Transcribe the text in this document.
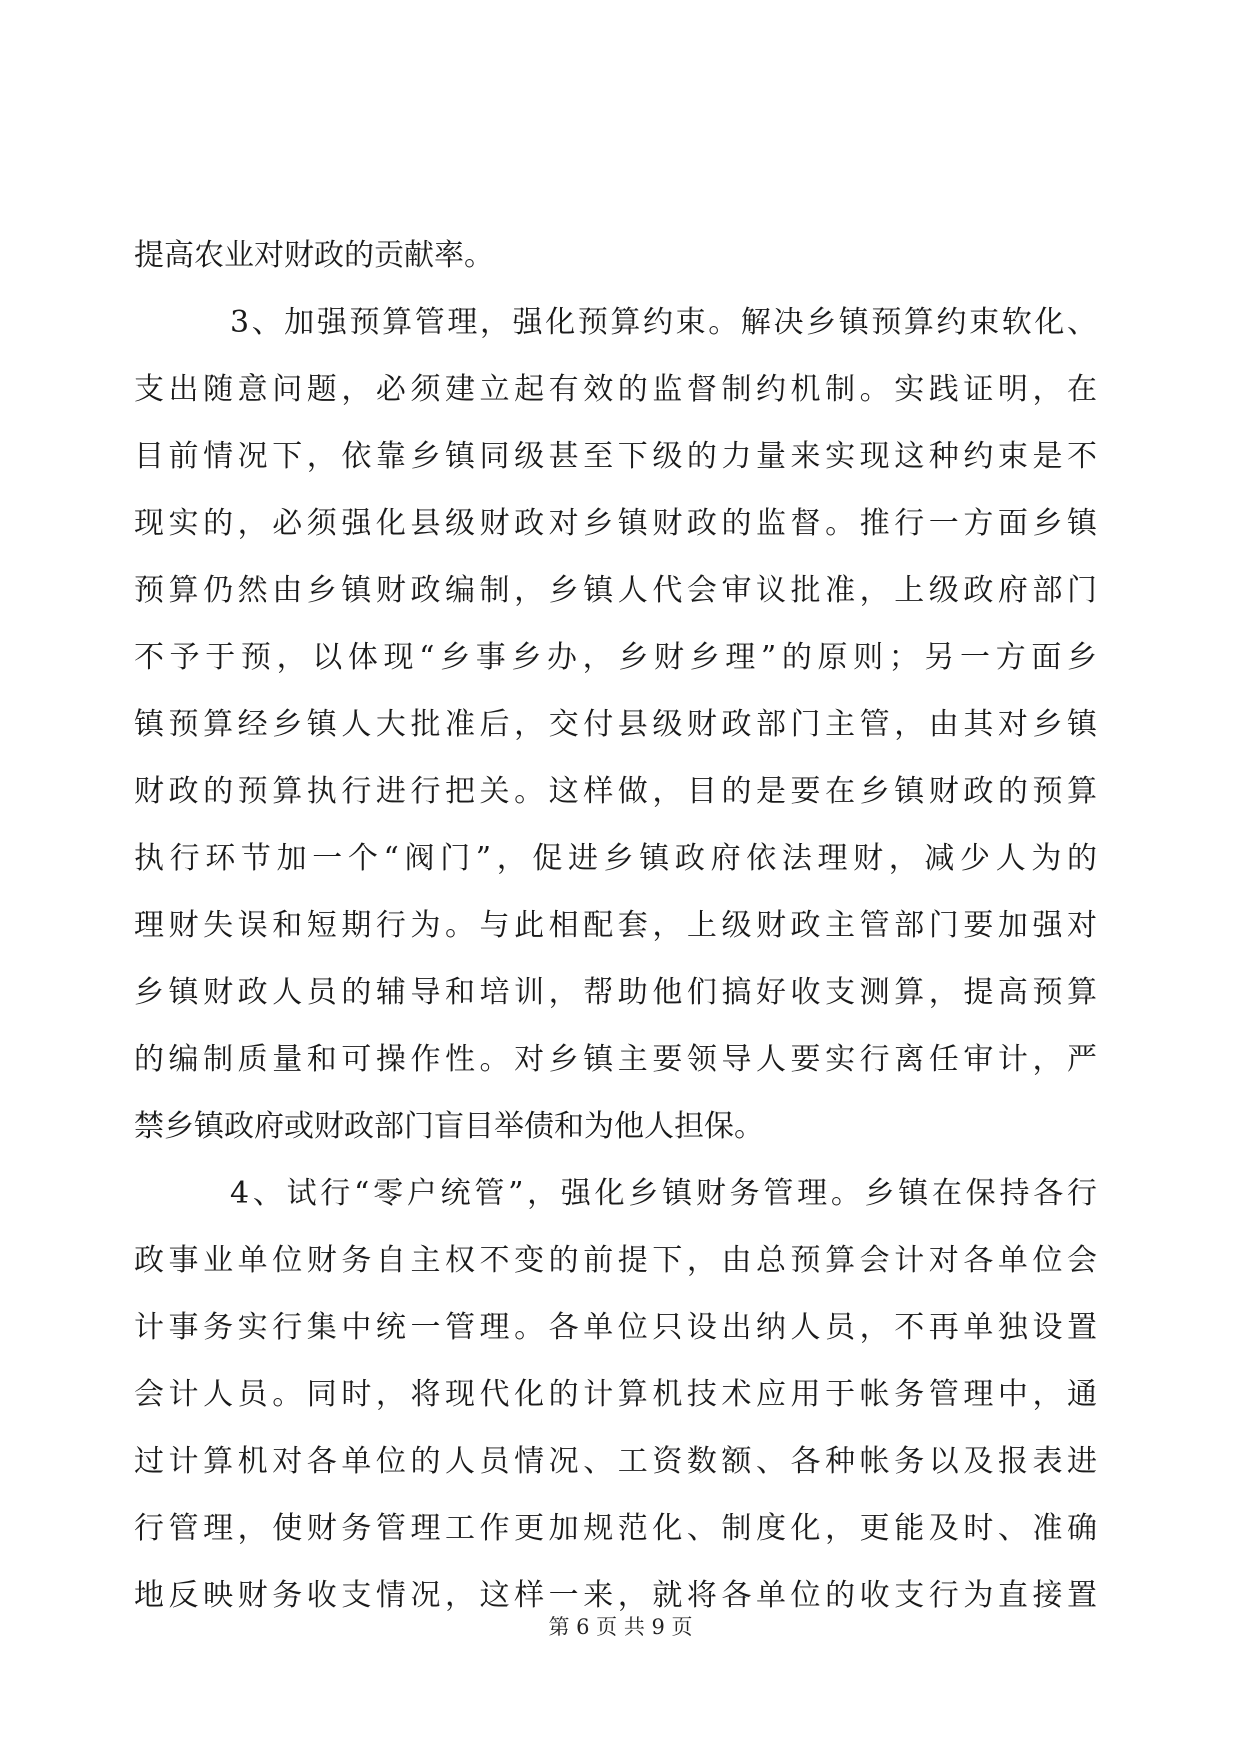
提高农业对财政的贡献率。
3、加强预算管理，强化预算约束。解决乡镇预算约束软化、
支出随意问题，必须建立起有效的监督制约机制。实践证明，在
目前情况下，依靠乡镇同级甚至下级的力量来实现这种约束是不
现实的，必须强化县级财政对乡镇财政的监督。推行一方面乡镇
预算仍然由乡镇财政编制，乡镇人代会审议批准，上级政府部门
不予于预，以体现“乡事乡办，乡财乡理”的原则；另一方面乡
镇预算经乡镇人大批准后，交付县级财政部门主管，由其对乡镇
财政的预算执行进行把关。这样做，目的是要在乡镇财政的预算
执行环节加一个“阀门”，促进乡镇政府依法理财，减少人为的
理财失误和短期行为。与此相配套，上级财政主管部门要加强对
乡镇财政人员的辅导和培训，帮助他们搞好收支测算，提高预算
的编制质量和可操作性。对乡镇主要领导人要实行离任审计，严
禁乡镇政府或财政部门盲目举债和为他人担保。
4、试行“零户统管”，强化乡镇财务管理。乡镇在保持各行
政事业单位财务自主权不变的前提下，由总预算会计对各单位会
计事务实行集中统一管理。各单位只设出纳人员，不再单独设置
会计人员。同时，将现代化的计算机技术应用于帐务管理中，通
过计算机对各单位的人员情况、工资数额、各种帐务以及报表进
行管理，使财务管理工作更加规范化、制度化，更能及时、准确
地反映财务收支情况，这样一来，就将各单位的收支行为直接置
第 6 页 共 9 页
